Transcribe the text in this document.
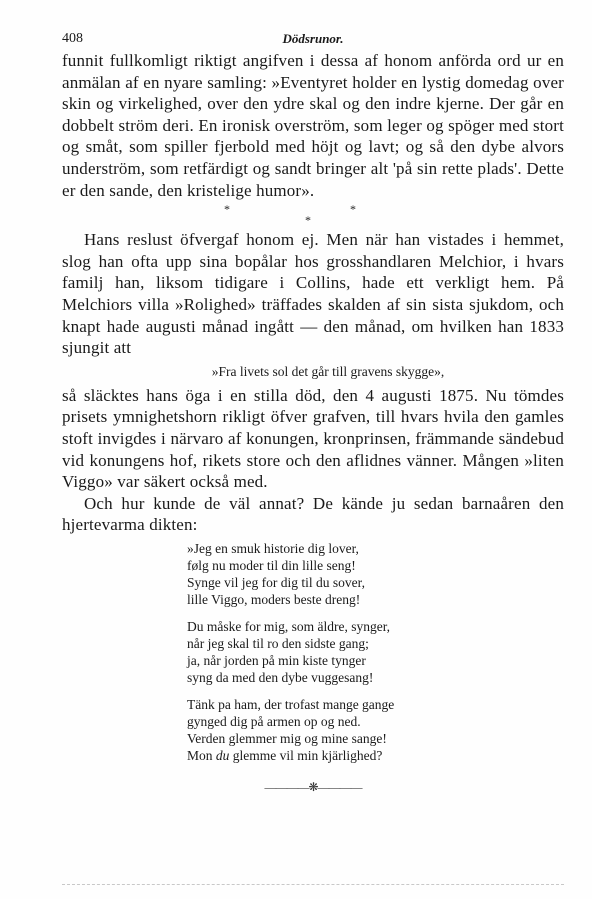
408	Dödsrunor.

funnit fullkomligt riktigt angifven i dessa af honom anförda ord ur en anmälan af en nyare samling: »Eventyret holder en lystig domedag over skin og virkelighed, over den ydre skal og den indre kjerne. Der går en dobbelt ström deri. En ironisk overström, som leger og spöger med stort og småt, som spiller fjerbold med höjt og lavt; og så den dybe alvors underström, som retfärdigt og sandt bringer alt 'på sin rette plads'. Dette er den sande, den kristelige humor».

*	*
*

Hans reslust öfvergaf honom ej. Men när han vistades i hemmet, slog han ofta upp sina bopålar hos grosshandlaren Melchior, i hvars familj han, liksom tidigare i Collins, hade ett verkligt hem. På Melchiors villa »Rolighed» träffades skalden af sin sista sjukdom, och knapt hade augusti månad ingått — den månad, om hvilken han 1833 sjungit att

»Fra livets sol det går till gravens skygge»,

så släcktes hans öga i en stilla död, den 4 augusti 1875. Nu tömdes prisets ymnighetshorn rikligt öfver grafven, till hvars hvila den gamles stoft invigdes i närvaro af konungen, kronprinsen, främmande sändebud vid konungens hof, rikets store och den aflidnes vänner. Mången »liten Viggo» var säkert också med.

Och hur kunde de väl annat? De kände ju sedan barnaåren den hjertevarma dikten:

»Jeg en smuk historie dig lover,
følg nu moder til din lille seng!
Synge vil jeg for dig til du sover,
lille Viggo, moders beste dreng!
Du måske for mig, som äldre, synger,
når jeg skal til ro den sidste gang;
ja, når jorden på min kiste tynger
syng da med den dybe vuggesang!
Tänk pa ham, der trofast mange gange
gynged dig på armen op og ned.
Verden glemmer mig og mine sange!
Mon du glemme vil min kjärlighed?
————❋————
